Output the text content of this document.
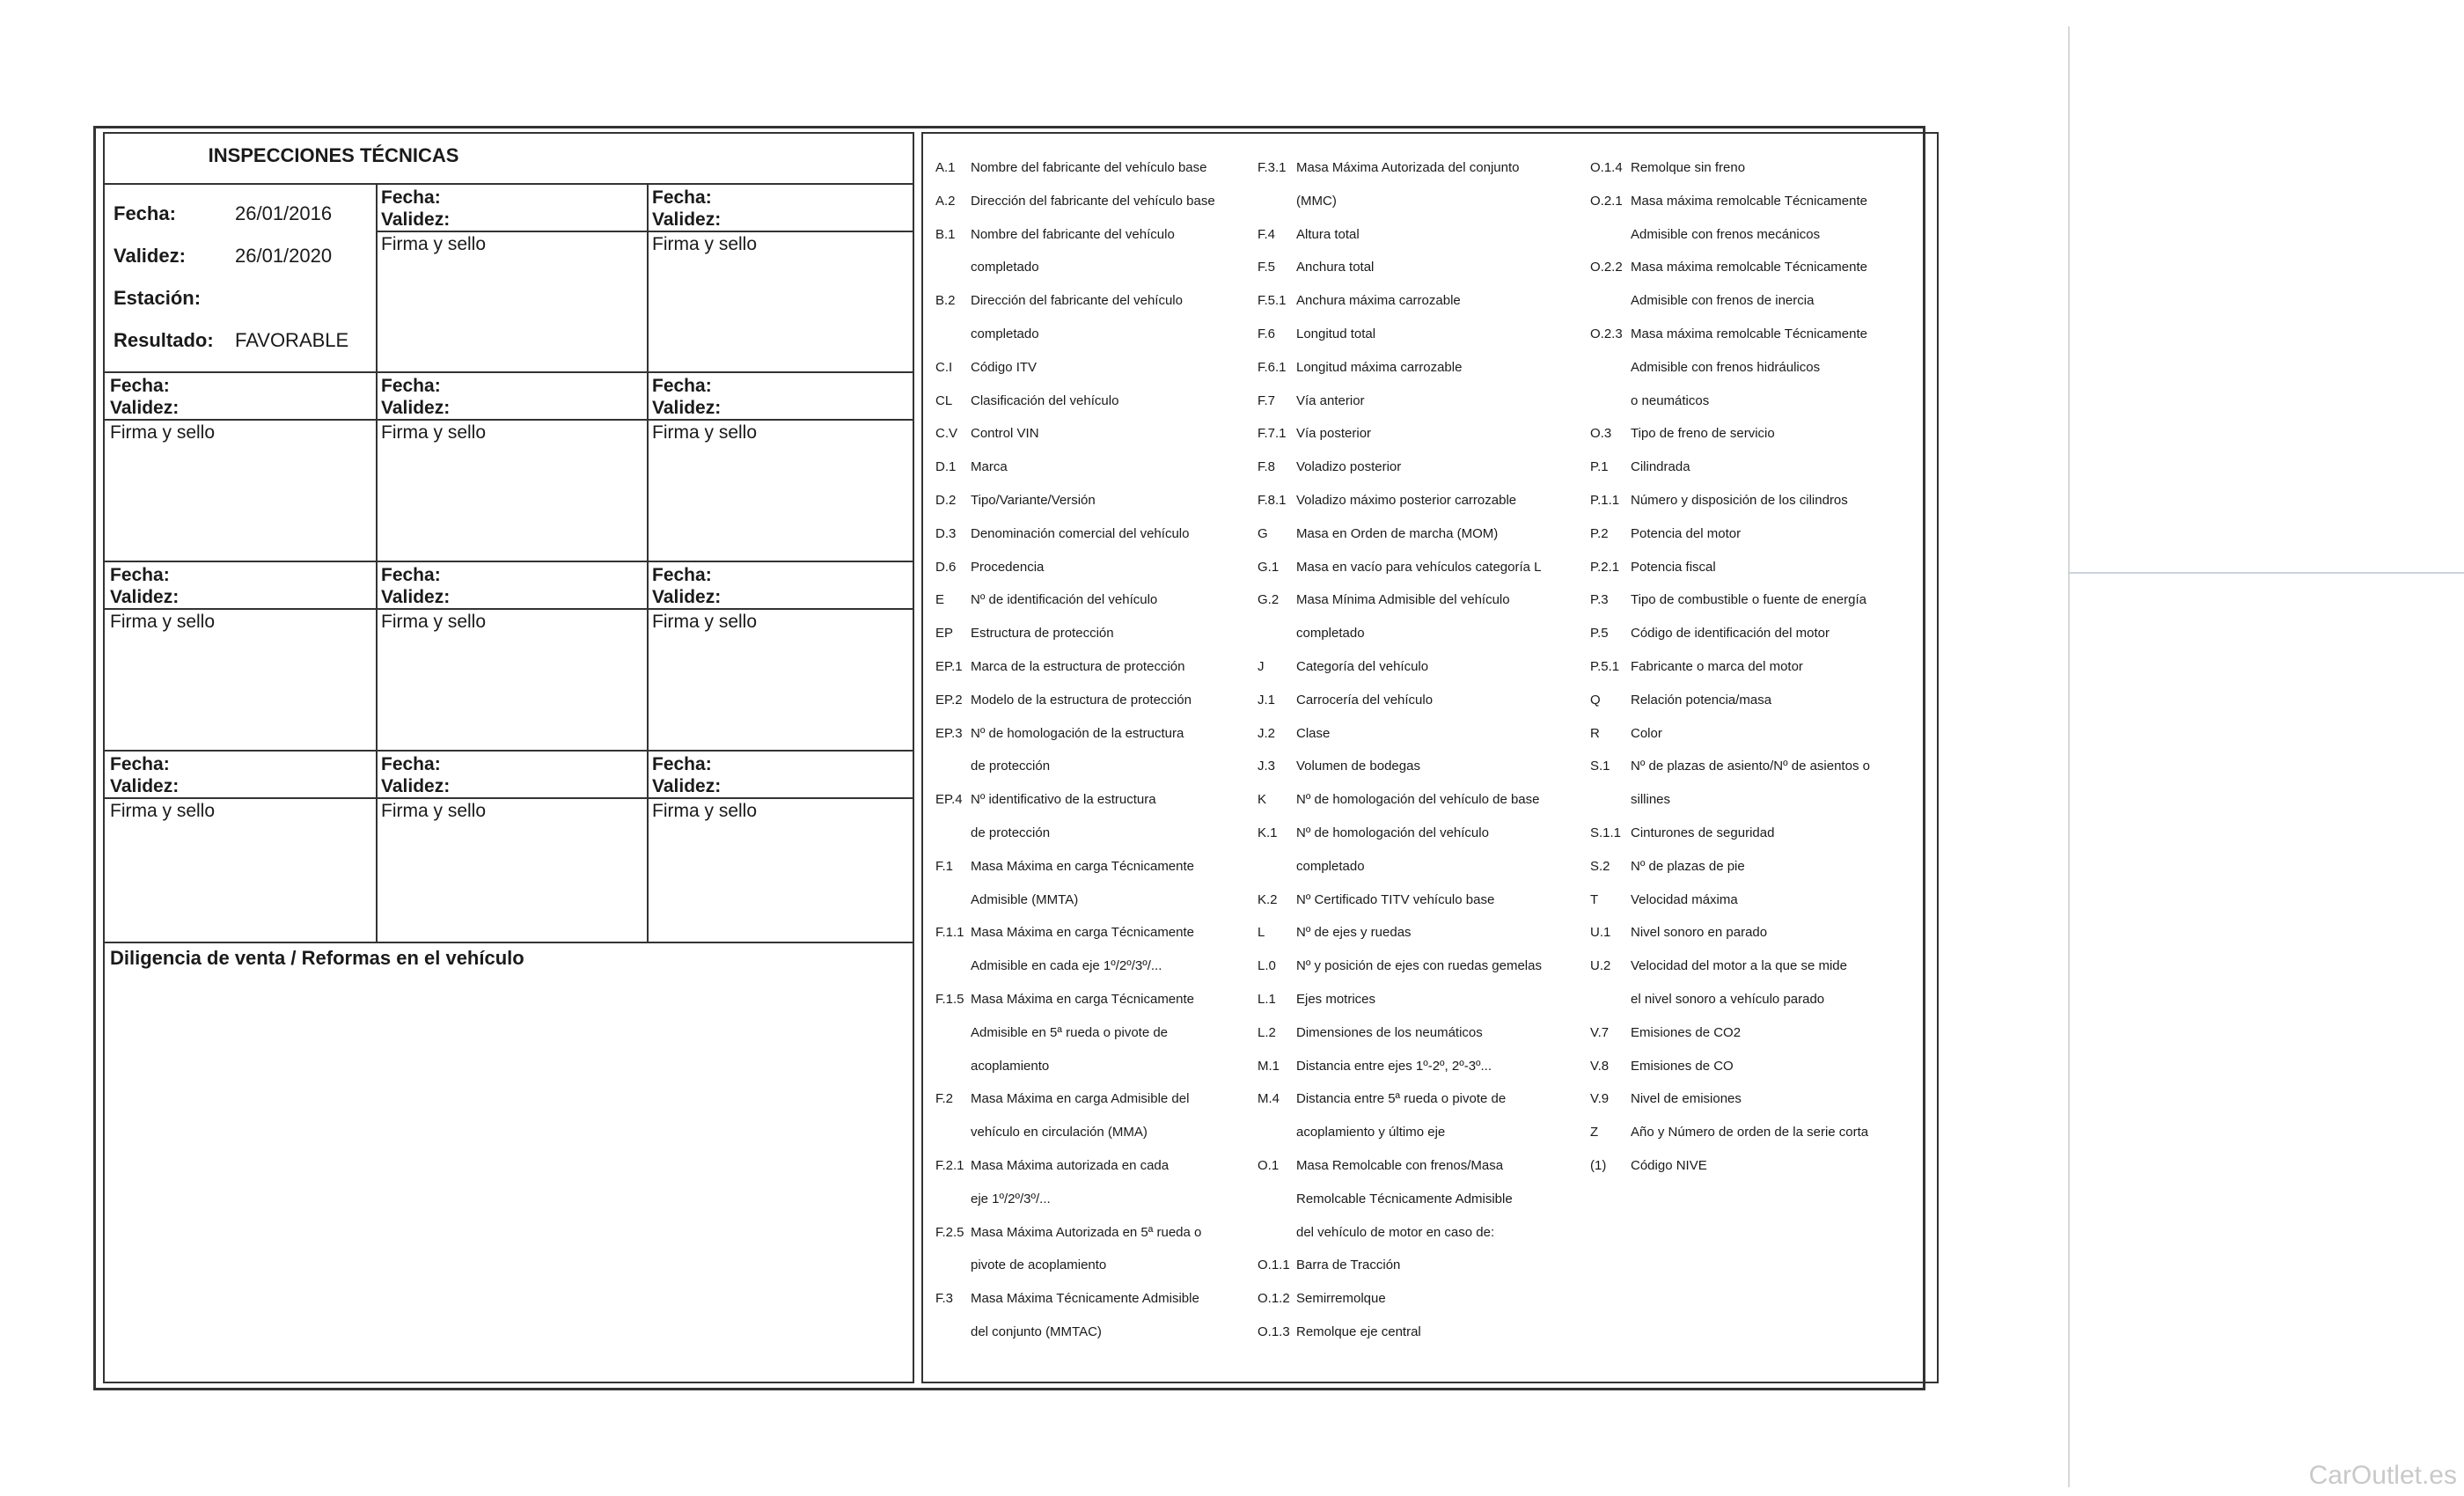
INSPECCIONES TÉCNICAS
Fecha:	26/01/2016
Validez:	26/01/2020
Estación:
Resultado: FAVORABLE
Diligencia de venta / Reformas en el vehículo
Fecha:
Validez:
Firma y sello
Fecha:
Validez:
Firma y sello
Fecha:
Validez:
Firma y sello
Fecha:
Validez:
Firma y sello
Fecha:
Validez:
Firma y sello
Fecha:
Validez:
Firma y sello
Fecha:
Validez:
Firma y sello
Fecha:
Validez:
Firma y sello
Fecha:
Validez:
Firma y sello
Fecha:
Validez:
Firma y sello
Fecha:
Validez:
Firma y sello
A.1 Nombre del fabricante del vehículo base
A.2 Dirección del fabricante del vehículo base
B.1 Nombre del fabricante del vehículo
completado
B.2 Dirección del fabricante del vehículo
completado
C.I Código ITV
CL Clasificación del vehículo
C.V Control VIN
D.1 Marca
D.2 Tipo/Variante/Versión
D.3 Denominación comercial del vehículo
D.6 Procedencia
E Nº de identificación del vehículo
EP Estructura de protección
EP.1 Marca de la estructura de protección
EP.2 Modelo de la estructura de protección
EP.3 Nº de homologación de la estructura
de protección
EP.4 Nº identificativo de la estructura
de protección
F.1 Masa Máxima en carga Técnicamente
Admisible (MMTA)
F.1.1 Masa Máxima en carga Técnicamente
Admisible en cada eje 1º/2º/3º/...
F.1.5 Masa Máxima en carga Técnicamente
Admisible en 5ª rueda o pivote de
acoplamiento
F.2 Masa Máxima en carga Admisible del
vehículo en circulación (MMA)
F.2.1 Masa Máxima autorizada en cada
eje 1º/2º/3º/...
F.2.5 Masa Máxima Autorizada en 5ª rueda o
pivote de acoplamiento
F.3 Masa Máxima Técnicamente Admisible
del conjunto (MMTAC)
F.3.1 Masa Máxima Autorizada del conjunto
(MMC)
F.4 Altura total
F.5 Anchura total
F.5.1 Anchura máxima carrozable
F.6 Longitud total
F.6.1 Longitud máxima carrozable
F.7 Vía anterior
F.7.1 Vía posterior
F.8 Voladizo posterior
F.8.1 Voladizo máximo posterior carrozable
G Masa en Orden de marcha (MOM)
G.1 Masa en vacío para vehículos categoría L
G.2 Masa Mínima Admisible del vehículo
completado
J Categoría del vehículo
J.1 Carrocería del vehículo
J.2 Clase
J.3 Volumen de bodegas
K Nº de homologación del vehículo de base
K.1 Nº de homologación del vehículo
completado
K.2 Nº Certificado TITV vehículo base
L Nº de ejes y ruedas
L.0 Nº y posición de ejes con ruedas gemelas
L.1 Ejes motrices
L.2 Dimensiones de los neumáticos
M.1 Distancia entre ejes 1º-2º, 2º-3º...
M.4 Distancia entre 5ª rueda o pivote de
acoplamiento y último eje
O.1 Masa Remolcable con frenos/Masa
Remolcable Técnicamente Admisible
del vehículo de motor en caso de:
O.1.1 Barra de Tracción
O.1.2 Semirremolque
O.1.3 Remolque eje central
O.1.4 Remolque sin freno
O.2.1 Masa máxima remolcable Técnicamente
Admisible con frenos mecánicos
O.2.2 Masa máxima remolcable Técnicamente
Admisible con frenos de inercia
O.2.3 Masa máxima remolcable Técnicamente
Admisible con frenos hidráulicos
o neumáticos
O.3 Tipo de freno de servicio
P.1 Cilindrada
P.1.1 Número y disposición de los cilindros
P.2 Potencia del motor
P.2.1 Potencia fiscal
P.3 Tipo de combustible o fuente de energía
P.5 Código de identificación del motor
P.5.1 Fabricante o marca del motor
Q Relación potencia/masa
R Color
S.1 Nº de plazas de asiento/Nº de asientos o
sillines
S.1.1 Cinturones de seguridad
S.2 Nº de plazas de pie
T Velocidad máxima
U.1 Nivel sonoro en parado
U.2 Velocidad del motor a la que se mide
el nivel sonoro a vehículo parado
V.7 Emisiones de CO2
V.8 Emisiones de CO
V.9 Nivel de emisiones
Z Año y Número de orden de la serie corta
(1) Código NIVE
CarOutlet.es
